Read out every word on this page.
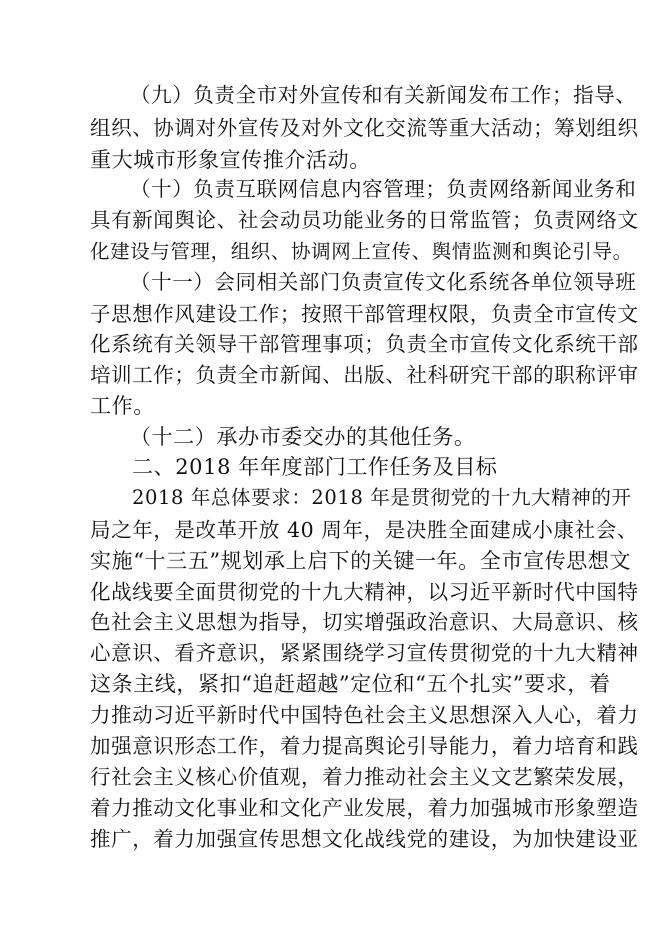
（九）负责全市对外宣传和有关新闻发布工作；指导、
组织、协调对外宣传及对外文化交流等重大活动；筹划组织
重大城市形象宣传推介活动。
（十）负责互联网信息内容管理；负责网络新闻业务和
具有新闻舆论、社会动员功能业务的日常监管；负责网络文
化建设与管理，组织、协调网上宣传、舆情监测和舆论引导。
（十一）会同相关部门负责宣传文化系统各单位领导班
子思想作风建设工作；按照干部管理权限，负责全市宣传文
化系统有关领导干部管理事项；负责全市宣传文化系统干部
培训工作；负责全市新闻、出版、社科研究干部的职称评审
工作。
（十二）承办市委交办的其他任务。
二、2018 年年度部门工作任务及目标
2018 年总体要求：2018 年是贯彻党的十九大精神的开
局之年，是改革开放 40 周年，是决胜全面建成小康社会、
实施“十三五”规划承上启下的关键一年。全市宣传思想文
化战线要全面贯彻党的十九大精神，以习近平新时代中国特
色社会主义思想为指导，切实增强政治意识、大局意识、核
心意识、看齐意识，紧紧围绕学习宣传贯彻党的十九大精神
这条主线，紧扣“追赶超越”定位和“五个扎实”要求，着
力推动习近平新时代中国特色社会主义思想深入人心，着力
加强意识形态工作，着力提高舆论引导能力，着力培育和践
行社会主义核心价值观，着力推动社会主义文艺繁荣发展，
着力推动文化事业和文化产业发展，着力加强城市形象塑造
推广，着力加强宣传思想文化战线党的建设，为加快建设亚
